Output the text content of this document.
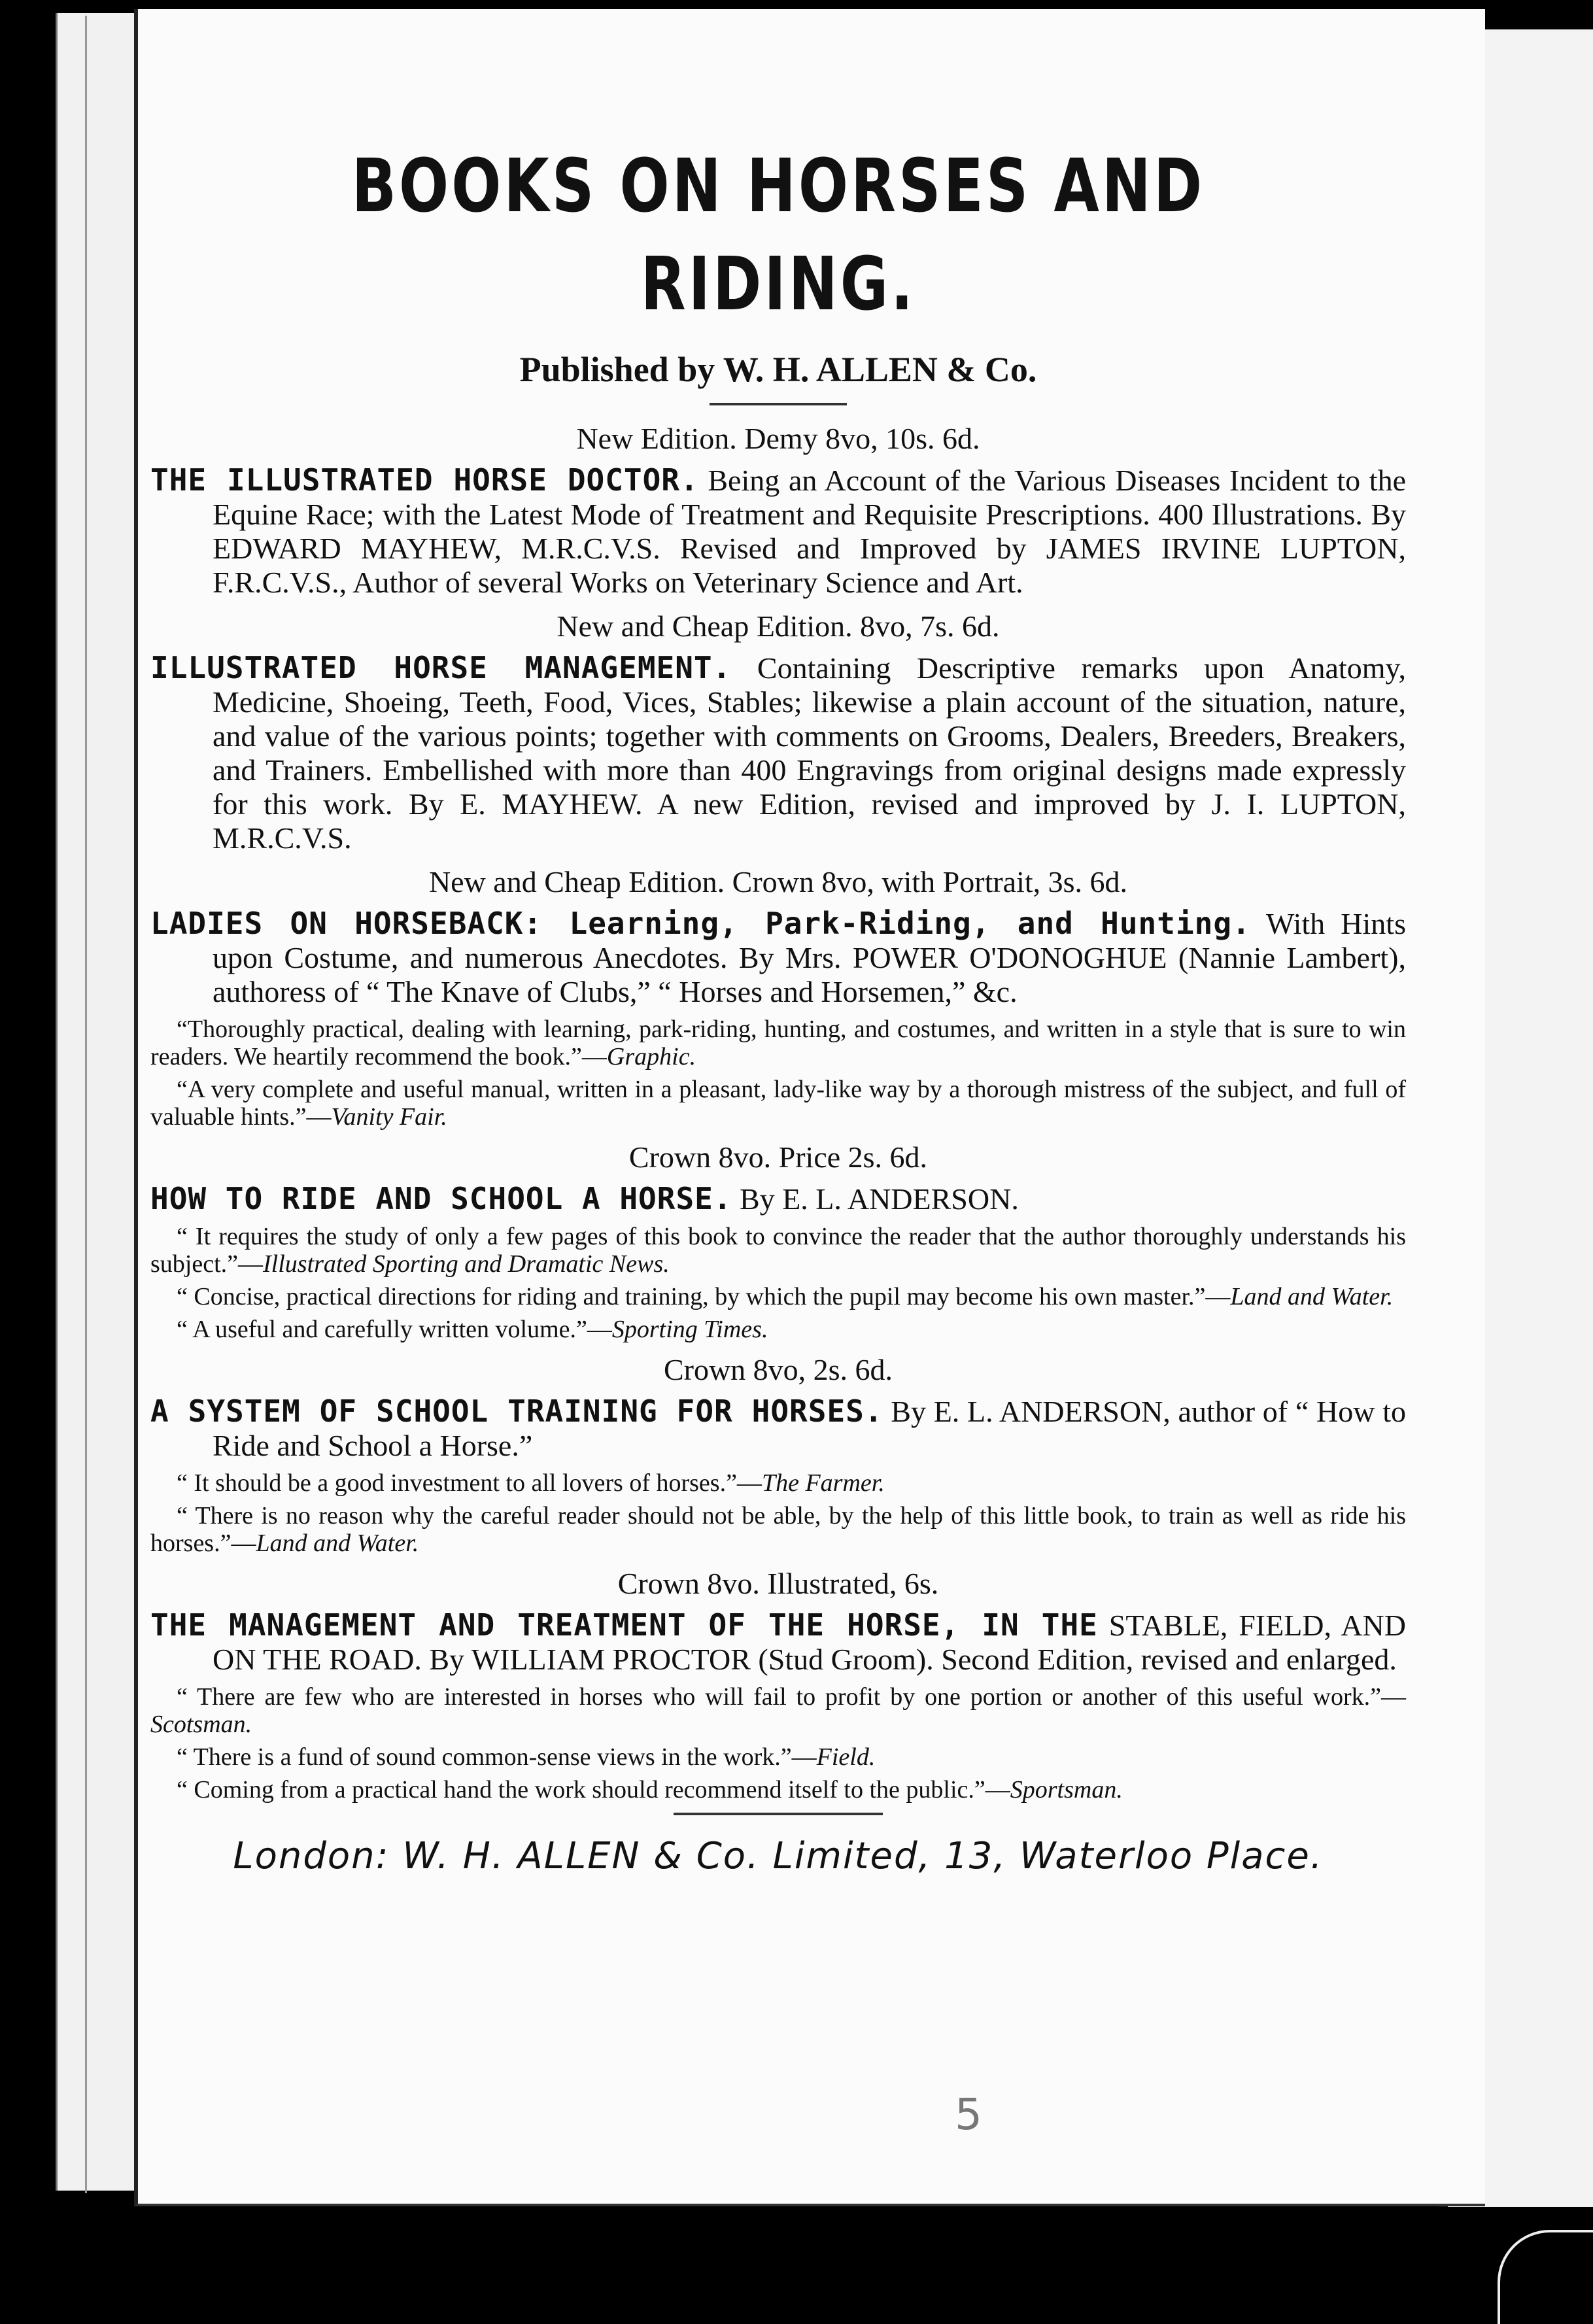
BOOKS ON HORSES AND RIDING.
Published by W. H. ALLEN & Co.
New Edition. Demy 8vo, 10s. 6d.

THE ILLUSTRATED HORSE DOCTOR. Being an Account of the Various Diseases Incident to the Equine Race; with the Latest Mode of Treatment and Requisite Prescriptions. 400 Illustrations. By EDWARD MAYHEW, M.R.C.V.S. Revised and Improved by JAMES IRVINE LUPTON, F.R.C.V.S., Author of several Works on Veterinary Science and Art.

New and Cheap Edition. 8vo, 7s. 6d.

ILLUSTRATED HORSE MANAGEMENT. Containing Descriptive remarks upon Anatomy, Medicine, Shoeing, Teeth, Food, Vices, Stables; likewise a plain account of the situation, nature, and value of the various points; together with comments on Grooms, Dealers, Breeders, Breakers, and Trainers. Embellished with more than 400 Engravings from original designs made expressly for this work. By E. MAYHEW. A new Edition, revised and improved by J. I. LUPTON, M.R.C.V.S.

New and Cheap Edition. Crown 8vo, with Portrait, 3s. 6d.

LADIES ON HORSEBACK: Learning, Park-Riding, and Hunting. With Hints upon Costume, and numerous Anecdotes. By Mrs. POWER O'DONOGHUE (Nannie Lambert), authoress of “ The Knave of Clubs,” “ Horses and Horsemen,” &c.

“Thoroughly practical, dealing with learning, park-riding, hunting, and costumes, and written in a style that is sure to win readers. We heartily recommend the book.”—Graphic.

“A very complete and useful manual, written in a pleasant, lady-like way by a thorough mistress of the subject, and full of valuable hints.”—Vanity Fair.

Crown 8vo. Price 2s. 6d.

HOW TO RIDE AND SCHOOL A HORSE. By E. L. ANDERSON.

“ It requires the study of only a few pages of this book to convince the reader that the author thoroughly understands his subject.”—Illustrated Sporting and Dramatic News.

“ Concise, practical directions for riding and training, by which the pupil may become his own master.”—Land and Water.

“ A useful and carefully written volume.”—Sporting Times.

Crown 8vo, 2s. 6d.

A SYSTEM OF SCHOOL TRAINING FOR HORSES. By E. L. ANDERSON, author of “ How to Ride and School a Horse.”

“ It should be a good investment to all lovers of horses.”—The Farmer.

“ There is no reason why the careful reader should not be able, by the help of this little book, to train as well as ride his horses.”—Land and Water.

Crown 8vo. Illustrated, 6s.

THE MANAGEMENT AND TREATMENT OF THE HORSE, IN THE STABLE, FIELD, AND ON THE ROAD. By WILLIAM PROCTOR (Stud Groom). Second Edition, revised and enlarged.

“ There are few who are interested in horses who will fail to profit by one portion or another of this useful work.”—Scotsman.

“ There is a fund of sound common-sense views in the work.”—Field.

“ Coming from a practical hand the work should recommend itself to the public.”—Sportsman.

London: W. H. ALLEN & Co. Limited, 13, Waterloo Place.
5
